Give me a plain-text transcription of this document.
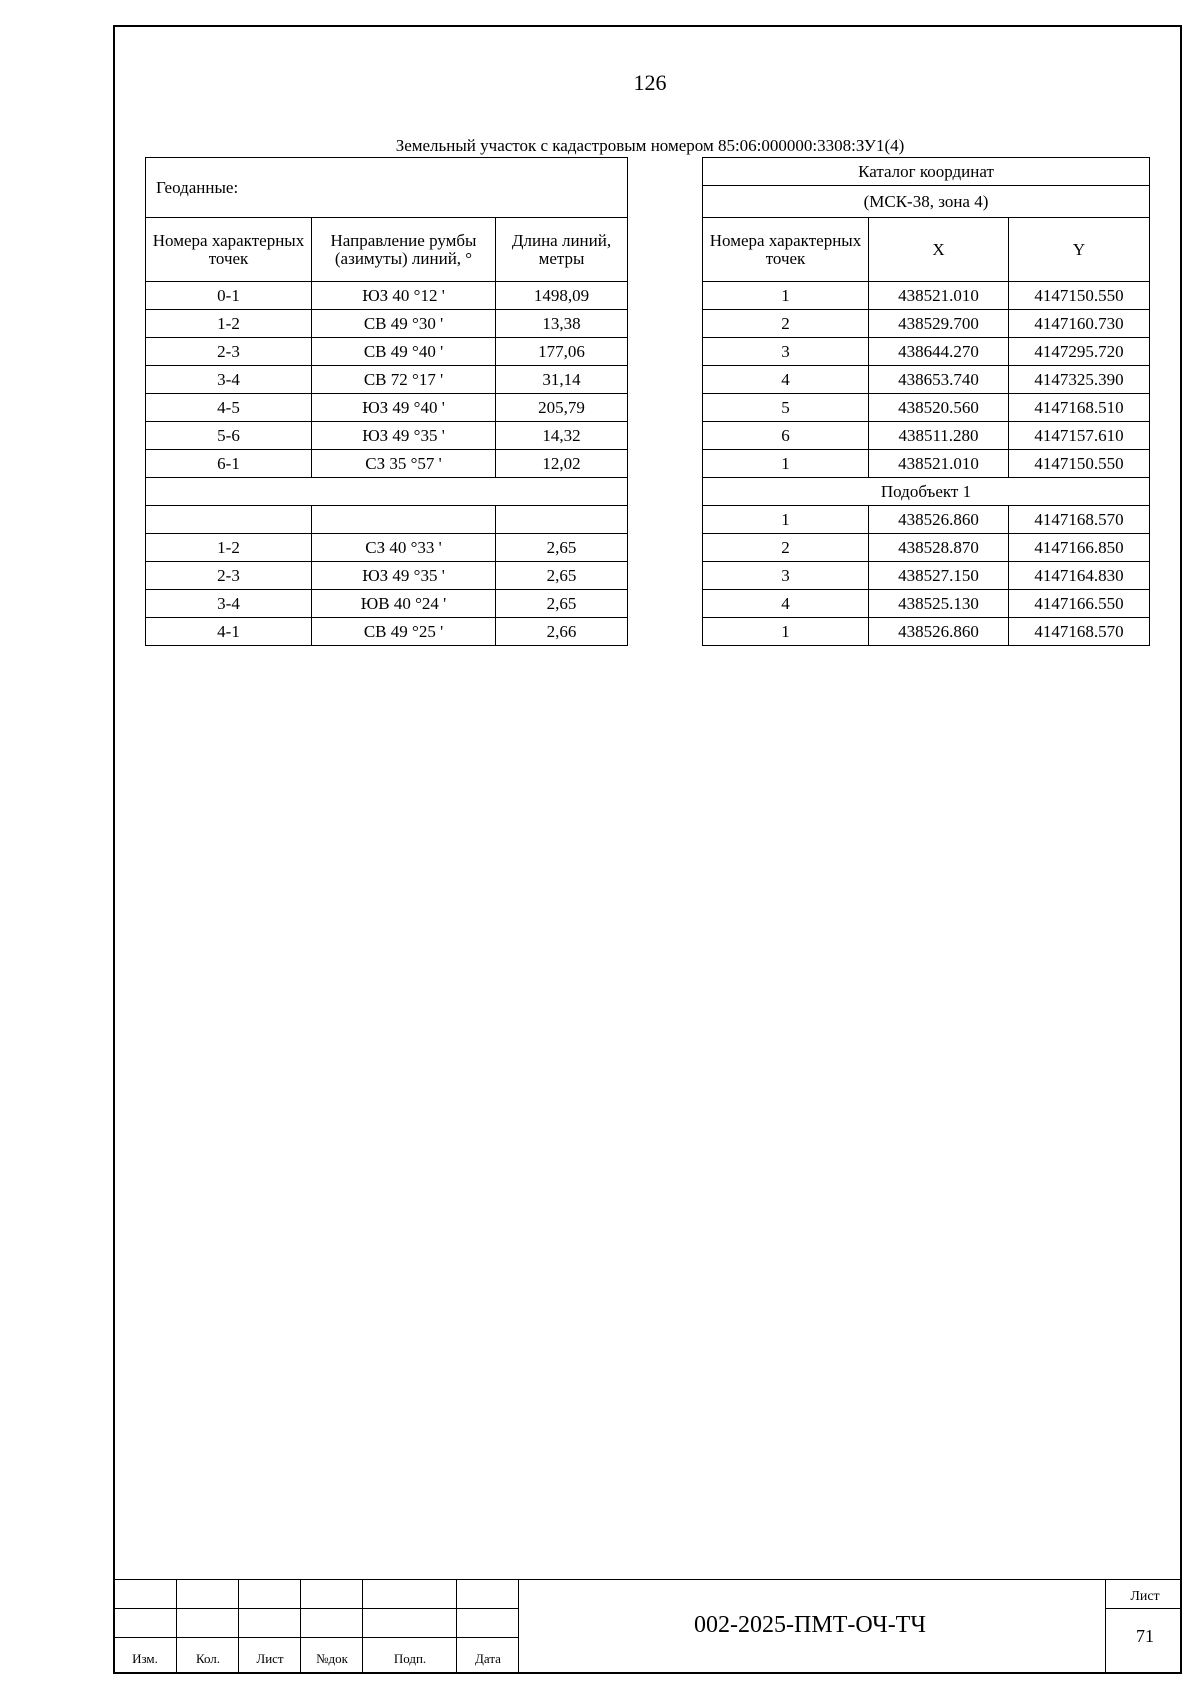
126
Земельный участок с кадастровым номером 85:06:000000:3308:ЗУ1(4)
Геоданные:		
Номера характерных точек	Направление румбы (азимуты) линий, °	Длина линий, метры
0-1	ЮЗ 40 °12 '	1498,09
1-2	СВ 49 °30 '	13,38
2-3	СВ 49 °40 '	177,06
3-4	СВ 72 °17 '	31,14
4-5	ЮЗ 49 °40 '	205,79
5-6	ЮЗ 49 °35 '	14,32
6-1	СЗ 35 °57 '	12,02

1-2	СЗ 40 °33 '	2,65
2-3	ЮЗ 49 °35 '	2,65
3-4	ЮВ 40 °24 '	2,65
4-1	СВ 49 °25 '	2,66
Каталог координат		
(МСК-38, зона 4)		
Номера характерных точек	X	Y
1	438521.010	4147150.550
2	438529.700	4147160.730
3	438644.270	4147295.720
4	438653.740	4147325.390
5	438520.560	4147168.510
6	438511.280	4147157.610
1	438521.010	4147150.550
Подобъект 1		
1	438526.860	4147168.570
2	438528.870	4147166.850
3	438527.150	4147164.830
4	438525.130	4147166.550
1	438526.860	4147168.570
Изм.	Кол.	Лист	№док	Подп.	Дата
002-2025-ПМТ-ОЧ-ТЧ
Лист
71
